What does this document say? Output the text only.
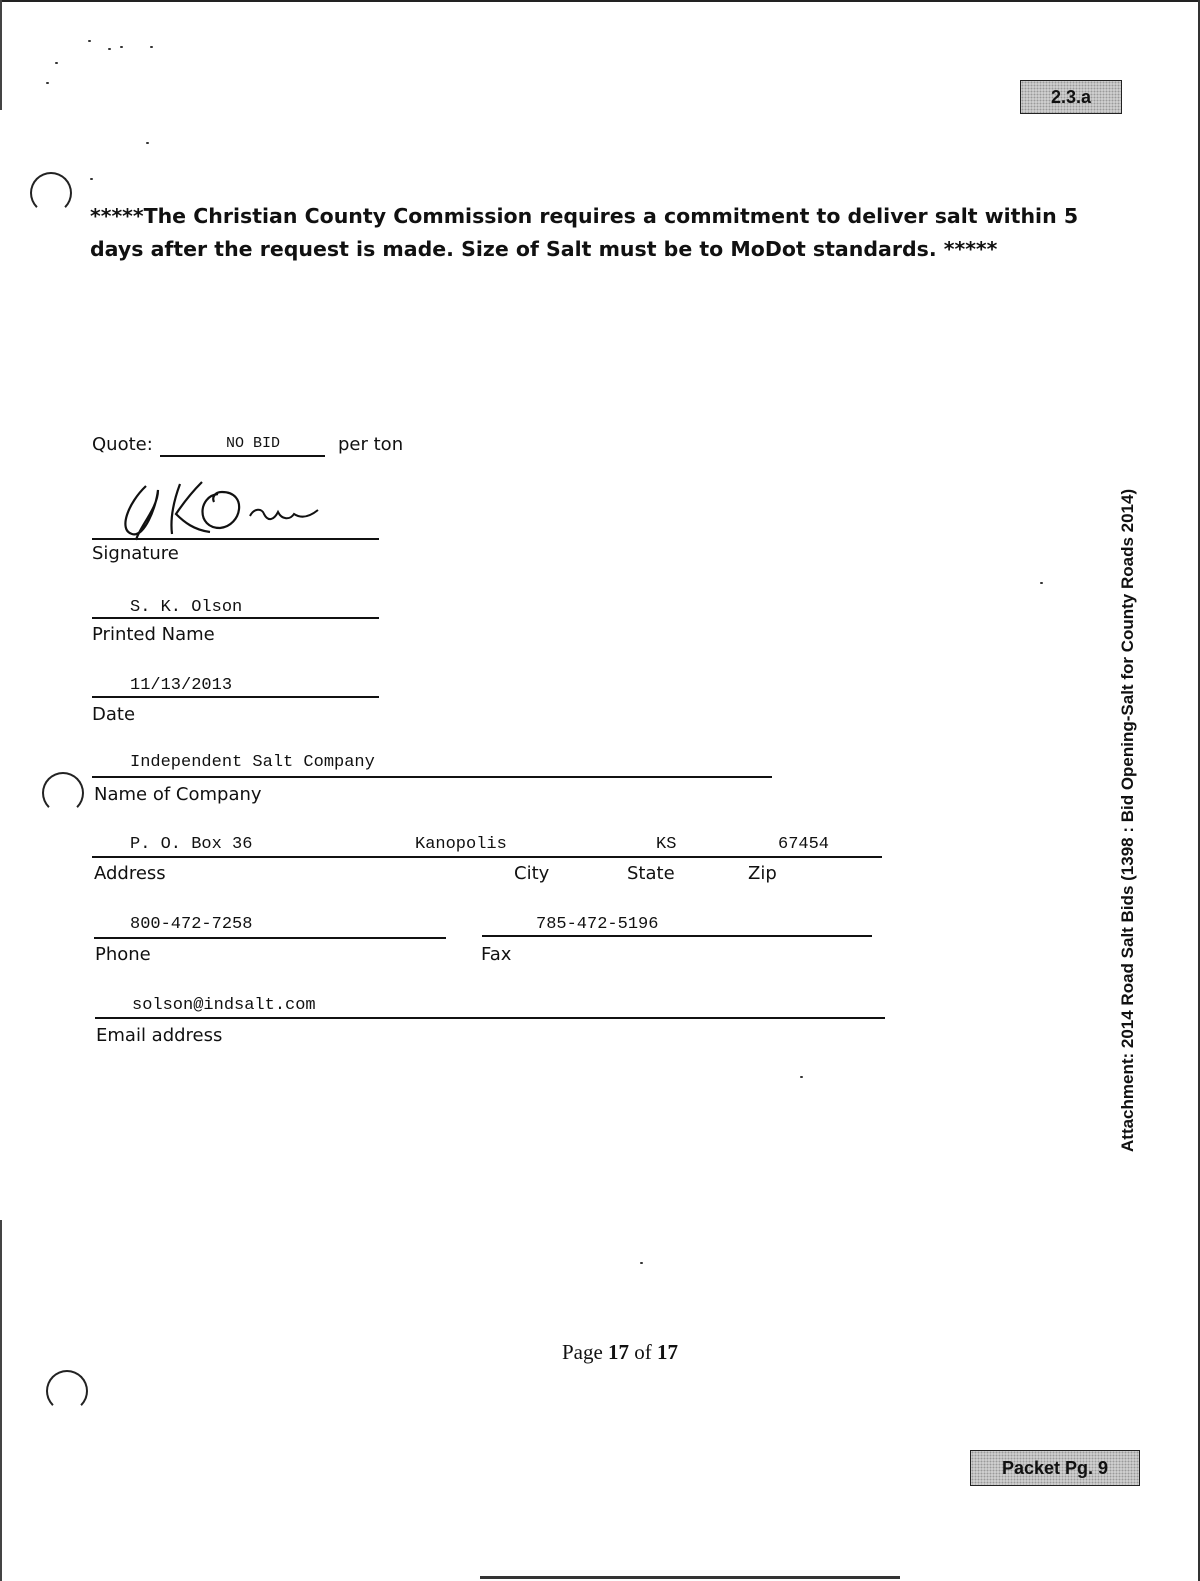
2.3.a
*****The Christian County Commission requires a commitment to deliver salt within 5 days after the request is made. Size of Salt must be to MoDot standards. *****
Quote:	NO BID	per ton
Signature
S. K. Olson
Printed Name
11/13/2013
Date
Independent Salt Company
Name of Company
P. O. Box 36	Kanopolis	KS	67454
Address	City	State	Zip
800-472-7258
Phone
785-472-5196
Fax
solson@indsalt.com
Email address	Attachment: 2014 Road Salt Bids (1398 : Bid Opening-Salt for County Roads 2014)
Page 17 of 17
Packet Pg. 9
